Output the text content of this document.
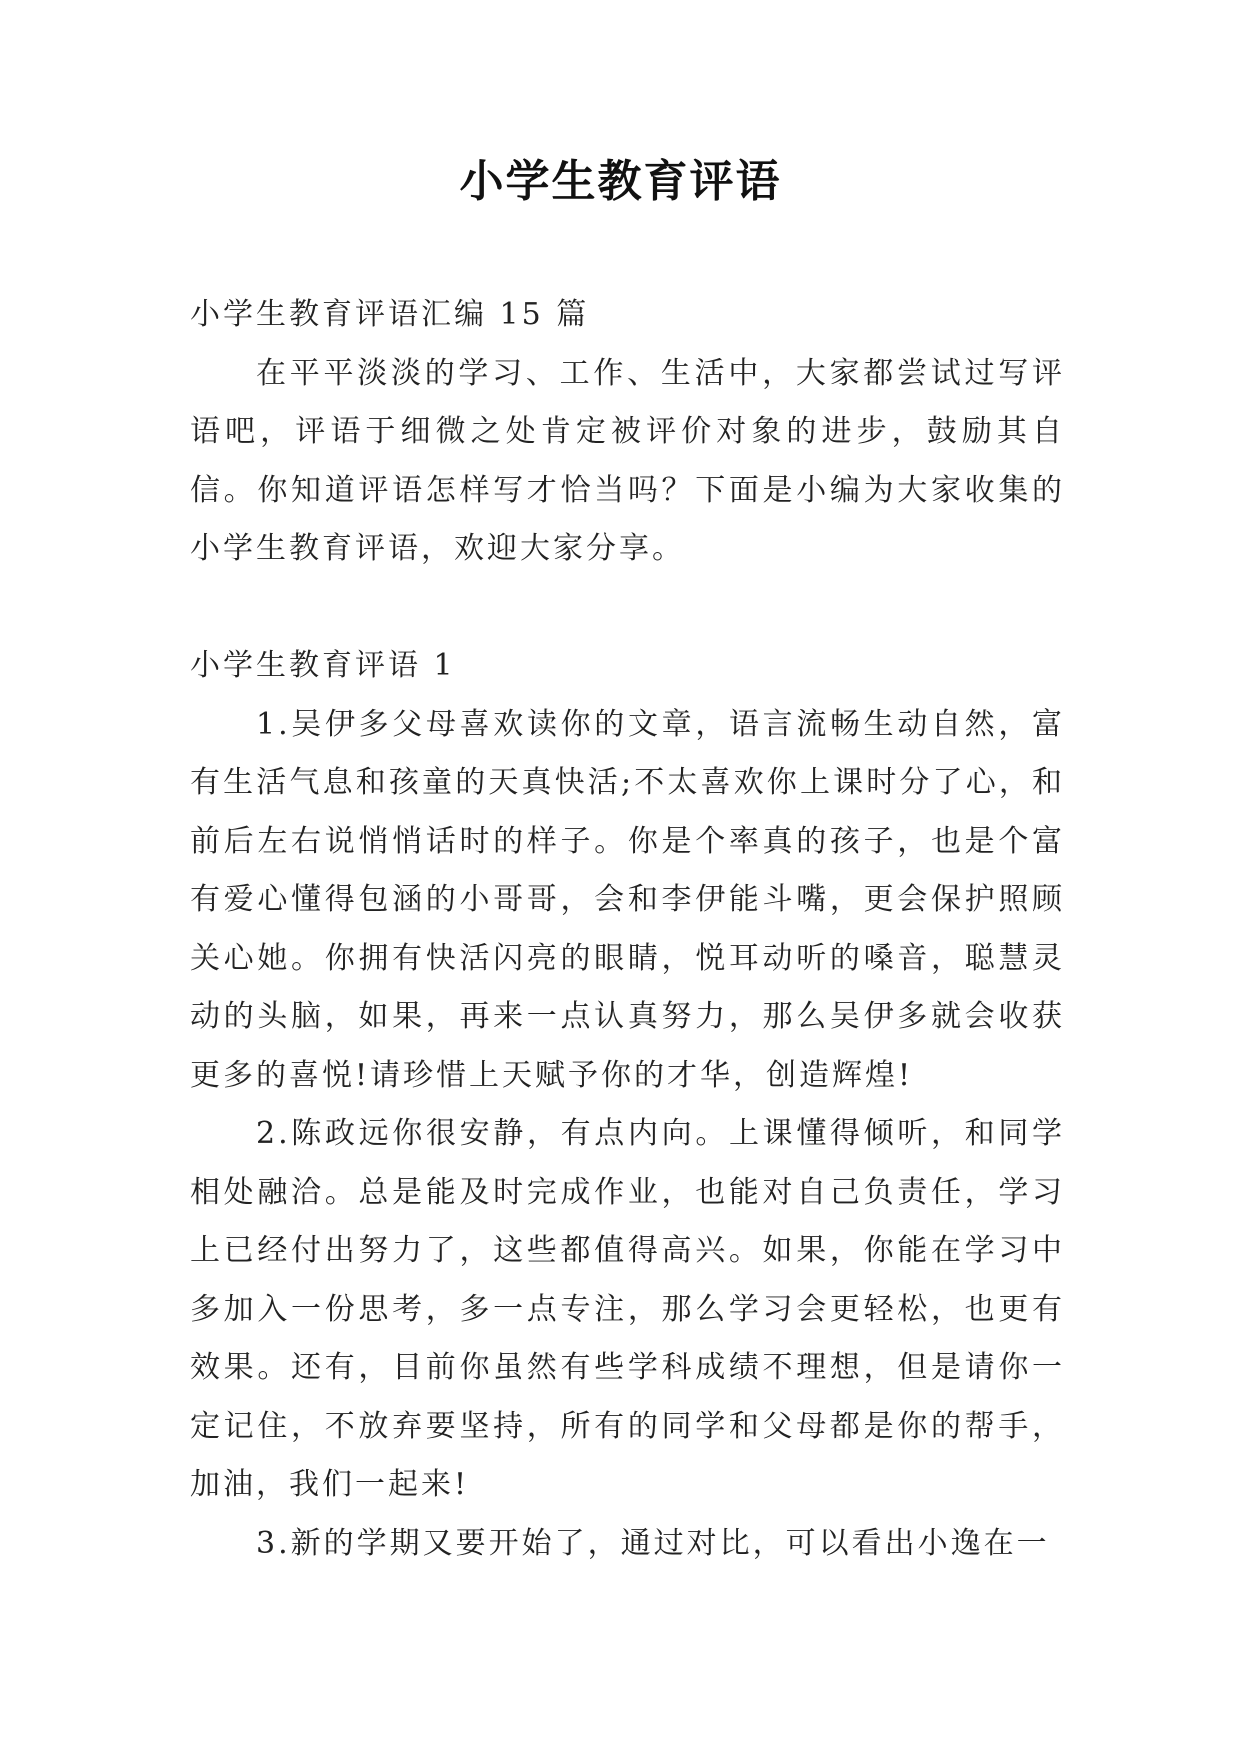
小学生教育评语

小学生教育评语汇编 15 篇

在平平淡淡的学习、工作、生活中，大家都尝试过写评语吧，评语于细微之处肯定被评价对象的进步，鼓励其自信。你知道评语怎样写才恰当吗？下面是小编为大家收集的小学生教育评语，欢迎大家分享。

小学生教育评语 1

1.吴伊多父母喜欢读你的文章，语言流畅生动自然，富有生活气息和孩童的天真快活;不太喜欢你上课时分了心，和前后左右说悄悄话时的样子。你是个率真的孩子，也是个富有爱心懂得包涵的小哥哥，会和李伊能斗嘴，更会保护照顾关心她。你拥有快活闪亮的眼睛，悦耳动听的嗓音，聪慧灵动的头脑，如果，再来一点认真努力，那么吴伊多就会收获更多的喜悦!请珍惜上天赋予你的才华，创造辉煌!

2.陈政远你很安静，有点内向。上课懂得倾听，和同学相处融洽。总是能及时完成作业，也能对自己负责任，学习上已经付出努力了，这些都值得高兴。如果，你能在学习中多加入一份思考，多一点专注，那么学习会更轻松，也更有效果。还有，目前你虽然有些学科成绩不理想，但是请你一定记住，不放弃要坚持，所有的同学和父母都是你的帮手，加油，我们一起来!

3.新的学期又要开始了，通过对比，可以看出小逸在一
